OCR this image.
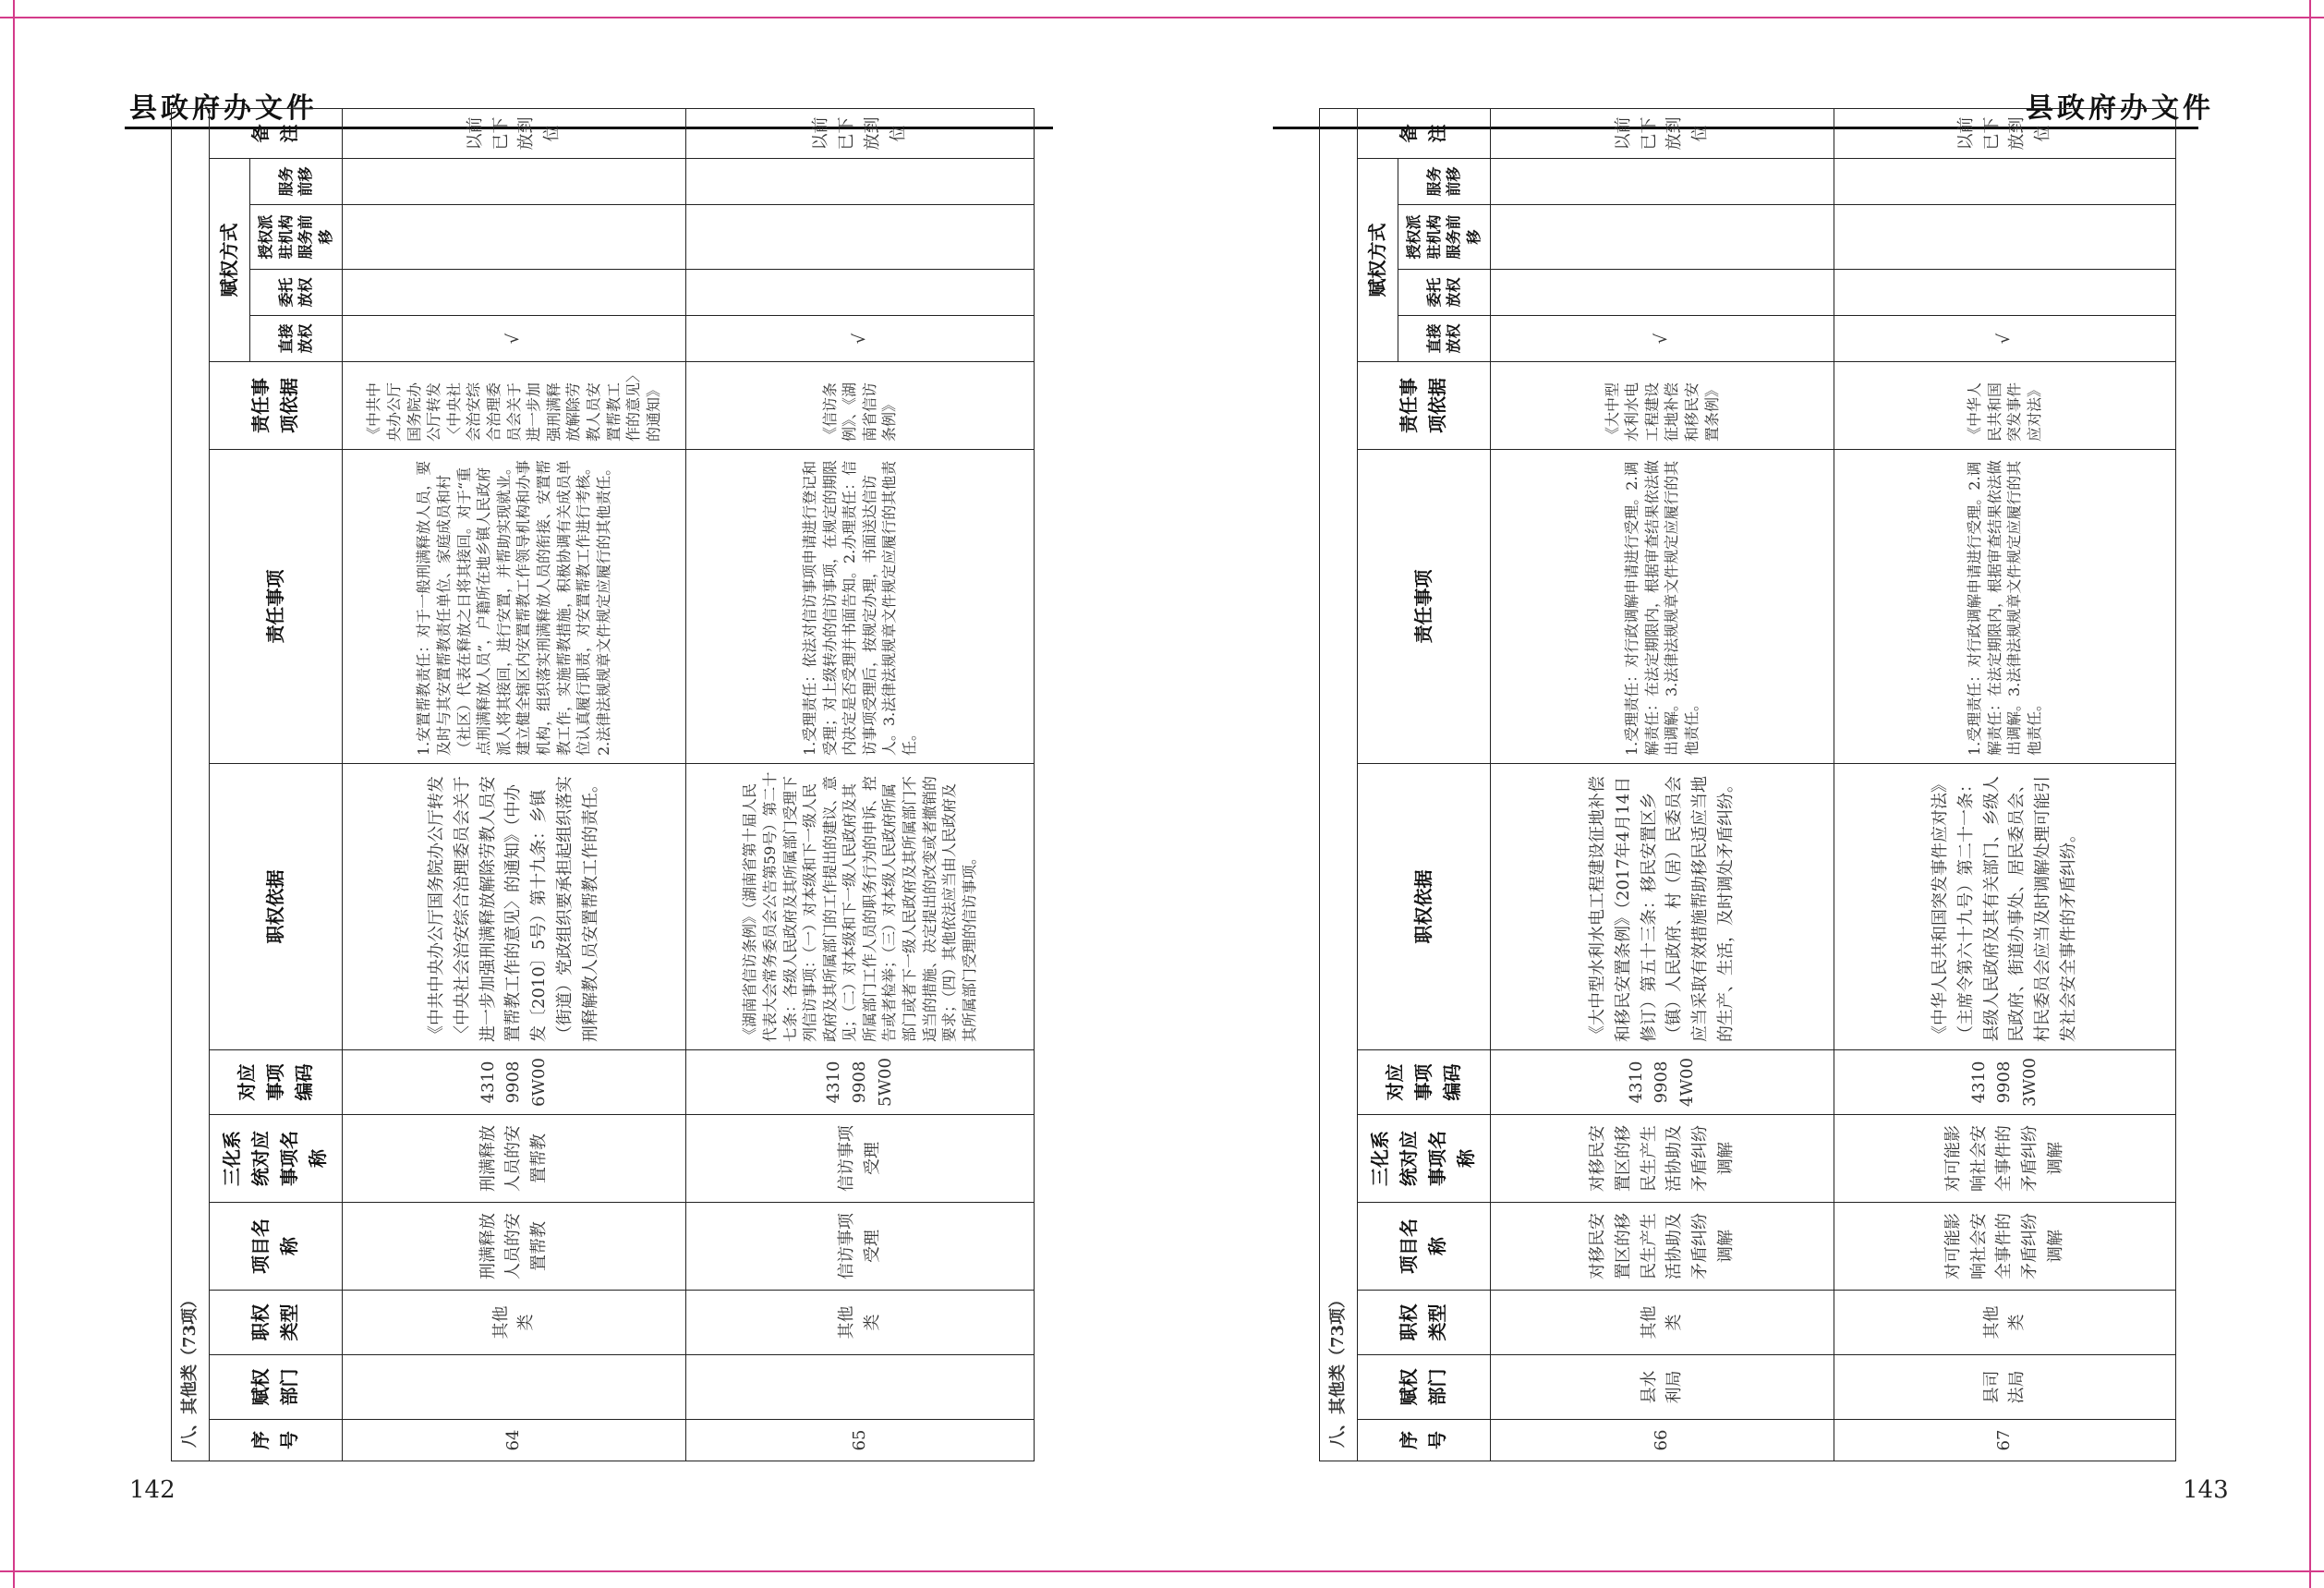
县政府办文件
八、其他类（73项）													
序号	赋权部门	职权类型	项目名称	三化系统对应事项名称	对应事项编码	职权依据	责任事项	责任事项依据	赋权方式				备注
									直接放权	委托放权	授权派驻机构服务前移	服务前移	
64		其他类	刑满释放人员的安置帮教	刑满释放人员的安置帮教	431099086W00	《中共中央办公厅国务院办公厅转发〈中央社会治安综合治理委员会关于进一步加强刑满释放解除劳教人员安置帮教工作的意见〉的通知》（中办发〔2010〕5号）第十九条：乡镇（街道）党政组织要承担起组织落实刑释解教人员安置帮教工作的责任。	1.安置帮教责任：对于一般刑满释放人员，要及时与其安置帮教责任单位、家庭成员和村（社区）代表在释放之日将其接回。对于“重点刑满释放人员”，户籍所在地乡镇人民政府派人将其接回，进行安置，并帮助实现就业。建立健全辖区内安置帮教工作领导机构和办事机构，组织落实刑满释放人员的衔接、安置帮教工作，实施帮教措施，积极协调有关成员单位认真履行职责，对安置帮教工作进行考核。2.法律法规规章文件规定应履行的其他责任。	《中共中央办公厅国务院办公厅转发〈中央社会治安综合治理委员会关于进一步加强刑满释放解除劳教人员安置帮教工作的意见〉的通知》	√				以前已下放到位
65		其他类	信访事项受理	信访事项受理	43109908 5W00	《湖南省信访条例》（湖南省第十届人民代表大会常务委员会公告第59号）第二十七条：各级人民政府及其所属部门受理下列信访事项：（一）对本级和下一级人民政府及其所属部门的工作提出的建议、意见；（二）对本级和下一级人民政府及其所属部门工作人员的职务行为的申诉、控告或者检举；（三）对本级人民政府所属部门或者下一级人民政府及其所属部门不适当的措施、决定提出的改变或者撤销的要求；（四）其他依法应当由人民政府及其所属部门受理的信访事项。	1.受理责任：依法对信访事项申请进行登记和受理；对上级转办的信访事项，在规定的期限内决定是否受理并书面告知。2.办理责任：信访事项受理后，按规定办理，书面送达信访人。3.法律法规规章文件规定应履行的其他责任。	《信访条例》、《湖南省信访条例》	√				以前已下放到位
142
县政府办文件
八、其他类（73项）													
序号	赋权部门	职权类型	项目名称	三化系统对应事项名称	对应事项编码	职权依据	责任事项	责任事项依据	赋权方式				备注
									直接放权	委托放权	授权派驻机构服务前移	服务前移	
66	县水利局	其他类	对移民安置区的移民生产生活协助及矛盾纠纷调解	对移民安置区的移民生产生活协助及矛盾纠纷调解	431099084W00	《大中型水利水电工程建设征地补偿和移民安置条例》（2017年4月14日修订）第五十三条：移民安置区乡（镇）人民政府、村（居）民委员会应当采取有效措施帮助移民适应当地的生产、生活，及时调处矛盾纠纷。	1.受理责任：对行政调解申请进行受理。2.调解责任：在法定期限内，根据审查结果依法做出调解。3.法律法规规章文件规定应履行的其他责任。	《大中型水利水电工程建设征地补偿和移民安置条例》	√				以前已下放到位
67	县司法局	其他类	对可能影响社会安全事件的矛盾纠纷调解	对可能影响社会安全事件的矛盾纠纷调解	43109908 3W00	《中华人民共和国突发事件应对法》（主席令第六十九号）第二十一条：县级人民政府及其有关部门、乡级人民政府、街道办事处、居民委员会、村民委员会应当及时调解处理可能引发社会安全事件的矛盾纠纷。	1.受理责任：对行政调解申请进行受理。2.调解责任：在法定期限内，根据审查结果依法做出调解。3.法律法规规章文件规定应履行的其他责任。	《中华人民共和国突发事件应对法》	√				以前已下放到位
143
